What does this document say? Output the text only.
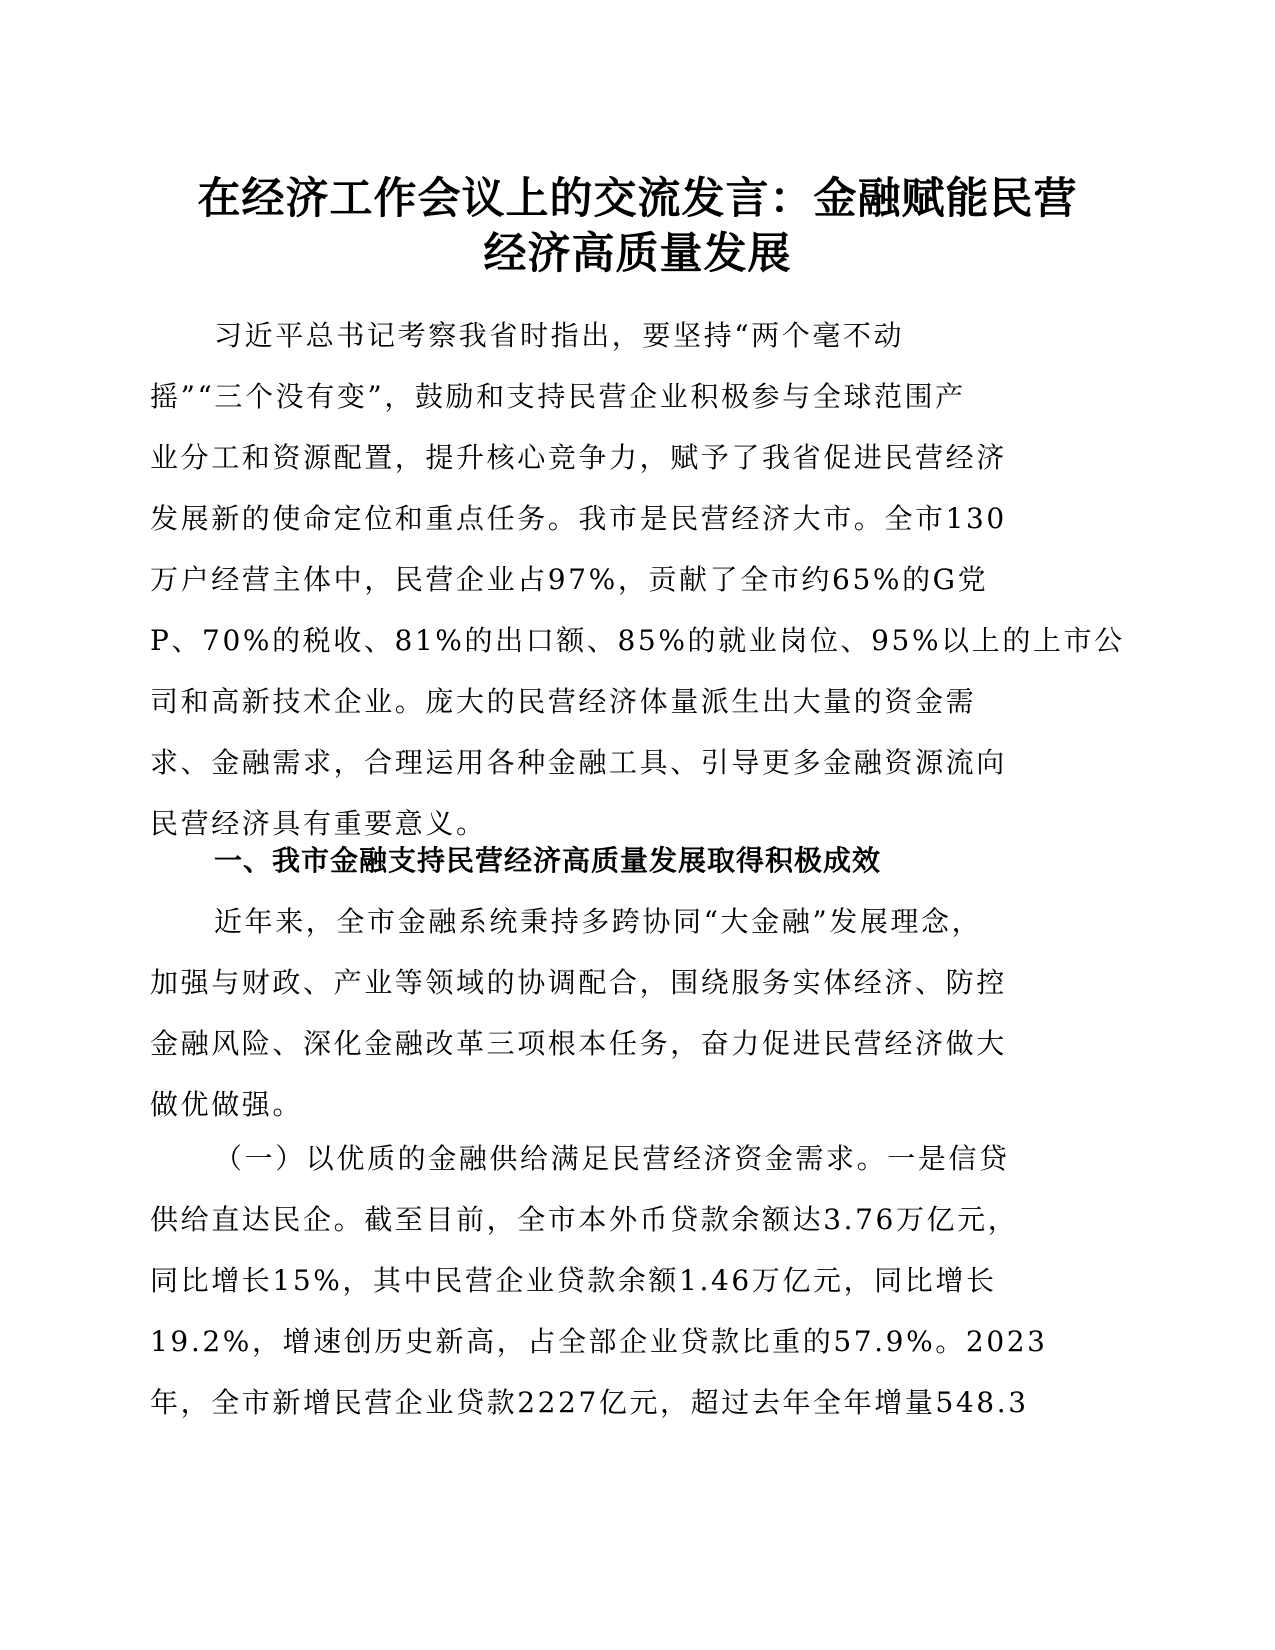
在经济工作会议上的交流发言：金融赋能民营
经济高质量发展

习近平总书记考察我省时指出，要坚持“两个毫不动
摇”“三个没有变”，鼓励和支持民营企业积极参与全球范围产
业分工和资源配置，提升核心竞争力，赋予了我省促进民营经济
发展新的使命定位和重点任务。我市是民营经济大市。全市130
万户经营主体中，民营企业占97%，贡献了全市约65%的G党
P、70%的税收、81%的出口额、85%的就业岗位、95%以上的上市公
司和高新技术企业。庞大的民营经济体量派生出大量的资金需
求、金融需求，合理运用各种金融工具、引导更多金融资源流向
民营经济具有重要意义。

一、我市金融支持民营经济高质量发展取得积极成效

近年来，全市金融系统秉持多跨协同“大金融”发展理念，
加强与财政、产业等领域的协调配合，围绕服务实体经济、防控
金融风险、深化金融改革三项根本任务，奋力促进民营经济做大
做优做强。

（一）以优质的金融供给满足民营经济资金需求。一是信贷
供给直达民企。截至目前，全市本外币贷款余额达3.76万亿元，
同比增长15%，其中民营企业贷款余额1.46万亿元，同比增长
19.2%，增速创历史新高，占全部企业贷款比重的57.9%。2023
年，全市新增民营企业贷款2227亿元，超过去年全年增量548.3
